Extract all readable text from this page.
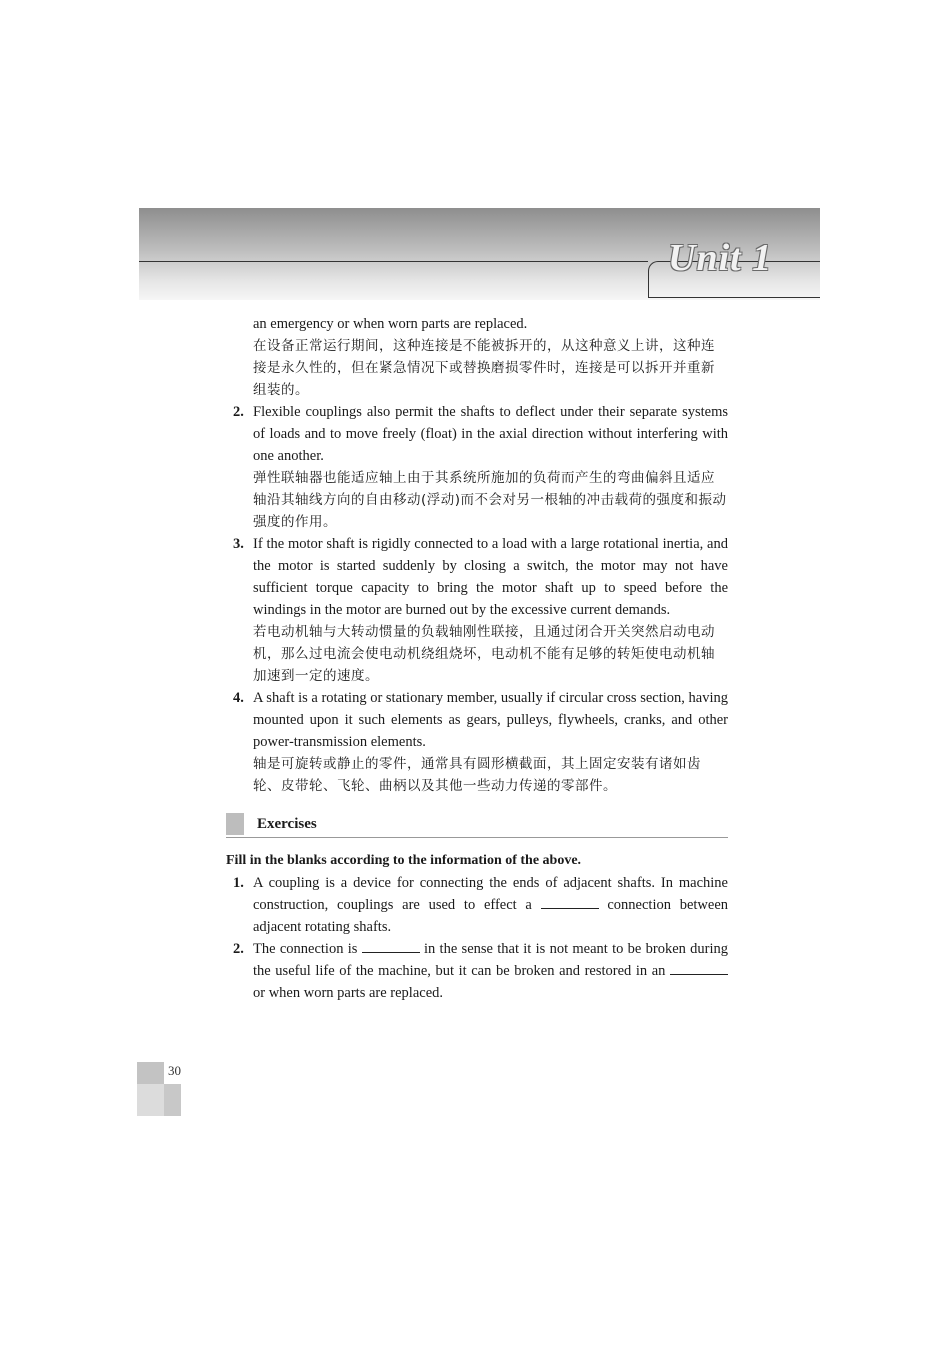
Unit 1
an emergency or when worn parts are replaced.
在设备正常运行期间，这种连接是不能被拆开的，从这种意义上讲，这种连接是永久性的，但在紧急情况下或替换磨损零件时，连接是可以拆开并重新组装的。
2. Flexible couplings also permit the shafts to deflect under their separate systems of loads and to move freely (float) in the axial direction without interfering with one another.
弹性联轴器也能适应轴上由于其系统所施加的负荷而产生的弯曲偏斜且适应轴沿其轴线方向的自由移动(浮动)而不会对另一根轴的冲击载荷的强度和振动强度的作用。
3. If the motor shaft is rigidly connected to a load with a large rotational inertia, and the motor is started suddenly by closing a switch, the motor may not have sufficient torque capacity to bring the motor shaft up to speed before the windings in the motor are burned out by the excessive current demands.
若电动机轴与大转动惯量的负载轴刚性联接，且通过闭合开关突然启动电动机，那么过电流会使电动机绕组烧坏，电动机不能有足够的转矩使电动机轴加速到一定的速度。
4. A shaft is a rotating or stationary member, usually if circular cross section, having mounted upon it such elements as gears, pulleys, flywheels, cranks, and other power-transmission elements.
轴是可旋转或静止的零件，通常具有圆形横截面，其上固定安装有诸如齿轮、皮带轮、飞轮、曲柄以及其他一些动力传递的零部件。
Exercises
Fill in the blanks according to the information of the above.
1. A coupling is a device for connecting the ends of adjacent shafts. In machine construction, couplings are used to effect a	connection between adjacent rotating shafts.
2. The connection is	in the sense that it is not meant to be broken during the useful life of the machine, but it can be broken and restored in an  or when worn parts are replaced.
30
